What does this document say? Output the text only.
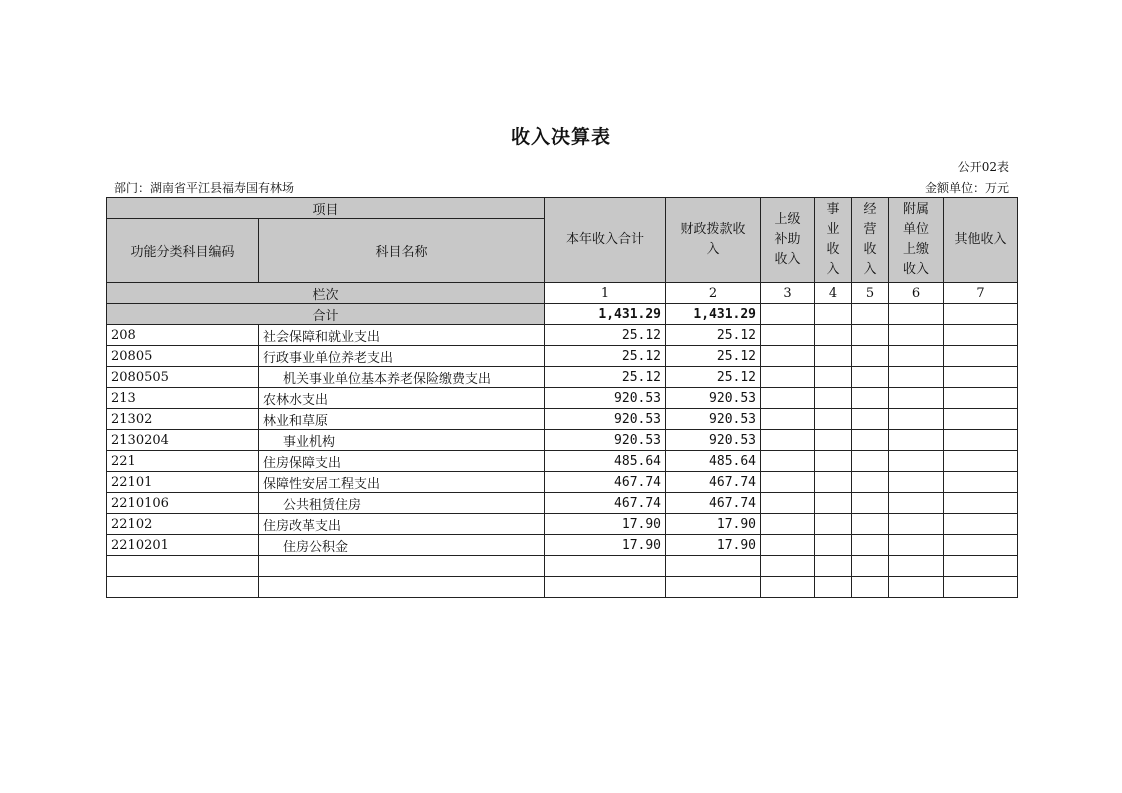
收入决算表
公开02表
部门：湖南省平江县福寿国有林场	金额单位：万元
项目		本年收入合计	财政拨款收入	上级补助收入	事业收入	经营收入	附属单位上缴收入	其他收入
功能分类科目编码	科目名称							
栏次		1	2	3	4	5	6	7
合计		1,431.29	1,431.29					
208	社会保障和就业支出	25.12	25.12					
20805	行政事业单位养老支出	25.12	25.12					
2080505	机关事业单位基本养老保险缴费支出	25.12	25.12					
213	农林水支出	920.53	920.53					
21302	林业和草原	920.53	920.53					
2130204	事业机构	920.53	920.53					
221	住房保障支出	485.64	485.64					
22101	保障性安居工程支出	467.74	467.74					
2210106	公共租赁住房	467.74	467.74					
22102	住房改革支出	17.90	17.90					
2210201	住房公积金	17.90	17.90					
